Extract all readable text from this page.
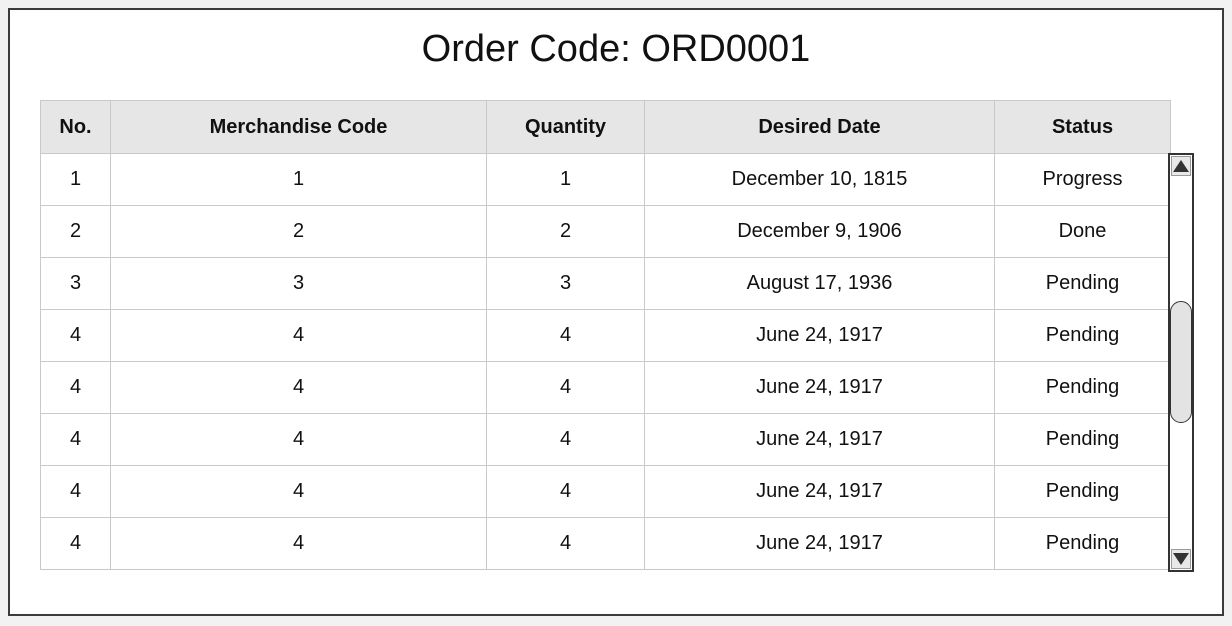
Order Code: ORD0001
No.	Merchandise Code	Quantity	Desired Date	Status
1	1	1	December 10, 1815	Progress
2	2	2	December 9, 1906	Done
3	3	3	August 17, 1936	Pending
4	4	4	June 24, 1917	Pending
4	4	4	June 24, 1917	Pending
4	4	4	June 24, 1917	Pending
4	4	4	June 24, 1917	Pending
4	4	4	June 24, 1917	Pending
